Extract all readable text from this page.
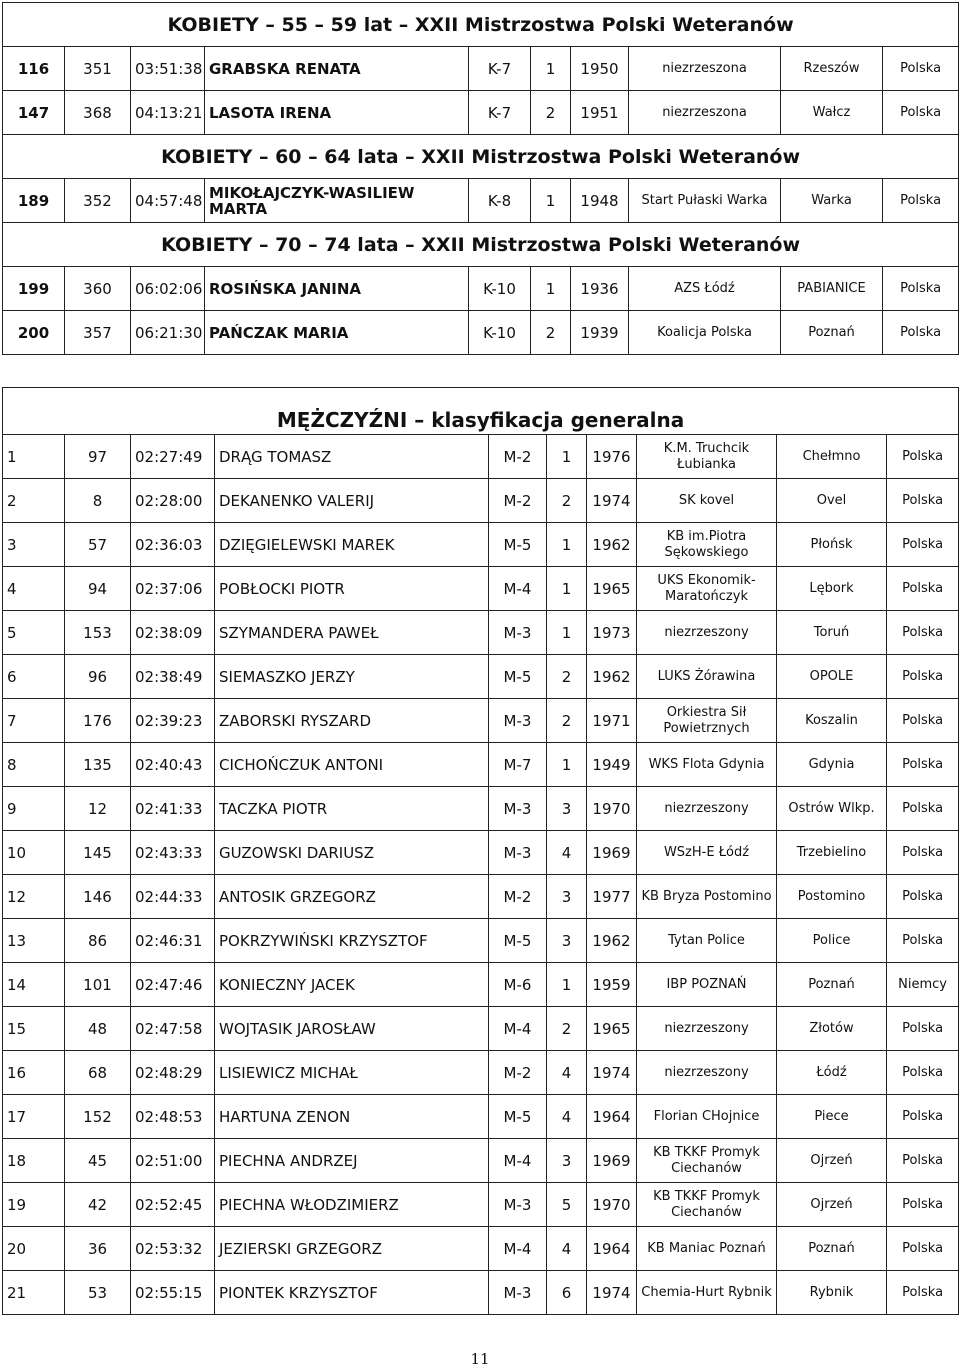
KOBIETY – 55 – 59 lat – XXII Mistrzostwa Polski Weteranów									
116	351	03:51:38	GRABSKA RENATA	K-7	1	1950	niezrzeszona	Rzeszów	Polska
147	368	04:13:21	LASOTA IRENA	K-7	2	1951	niezrzeszona	Wałcz	Polska
KOBIETY – 60 – 64 lata – XXII Mistrzostwa Polski Weteranów									
189	352	04:57:48	MIKOŁAJCZYK-WASILIEW MARTA	K-8	1	1948	Start Pułaski Warka	Warka	Polska
KOBIETY – 70 – 74 lata – XXII Mistrzostwa Polski Weteranów									
199	360	06:02:06	ROSIŃSKA JANINA	K-10	1	1936	AZS Łódź	PABIANICE	Polska
200	357	06:21:30	PAŃCZAK MARIA	K-10	2	1939	Koalicja Polska	Poznań	Polska
MĘŻCZYŹNI – klasyfikacja generalna									
1	97	02:27:49	DRĄG TOMASZ	M-2	1	1976	K.M. Truchcik Łubianka	Chełmno	Polska
2	8	02:28:00	DEKANENKO VALERIJ	M-2	2	1974	SK kovel	Ovel	Polska
3	57	02:36:03	DZIĘGIELEWSKI MAREK	M-5	1	1962	KB im.Piotra Sękowskiego	Płońsk	Polska
4	94	02:37:06	POBŁOCKI PIOTR	M-4	1	1965	UKS Ekonomik-Maratończyk	Lębork	Polska
5	153	02:38:09	SZYMANDERA PAWEŁ	M-3	1	1973	niezrzeszony	Toruń	Polska
6	96	02:38:49	SIEMASZKO JERZY	M-5	2	1962	LUKS Żórawina	OPOLE	Polska
7	176	02:39:23	ZABORSKI RYSZARD	M-3	2	1971	Orkiestra Sił Powietrznych	Koszalin	Polska
8	135	02:40:43	CICHOŃCZUK ANTONI	M-7	1	1949	WKS Flota Gdynia	Gdynia	Polska
9	12	02:41:33	TACZKA PIOTR	M-3	3	1970	niezrzeszony	Ostrów Wlkp.	Polska
10	145	02:43:33	GUZOWSKI DARIUSZ	M-3	4	1969	WSzH-E Łódź	Trzebielino	Polska
12	146	02:44:33	ANTOSIK GRZEGORZ	M-2	3	1977	KB Bryza Postomino	Postomino	Polska
13	86	02:46:31	POKRZYWIŃSKI KRZYSZTOF	M-5	3	1962	Tytan Police	Police	Polska
14	101	02:47:46	KONIECZNY JACEK	M-6	1	1959	IBP POZNAŃ	Poznań	Niemcy
15	48	02:47:58	WOJTASIK JAROSŁAW	M-4	2	1965	niezrzeszony	Złotów	Polska
16	68	02:48:29	LISIEWICZ MICHAŁ	M-2	4	1974	niezrzeszony	Łódź	Polska
17	152	02:48:53	HARTUNA ZENON	M-5	4	1964	Florian CHojnice	Piece	Polska
18	45	02:51:00	PIECHNA ANDRZEJ	M-4	3	1969	KB TKKF Promyk Ciechanów	Ojrzeń	Polska
19	42	02:52:45	PIECHNA WŁODZIMIERZ	M-3	5	1970	KB TKKF Promyk Ciechanów	Ojrzeń	Polska
20	36	02:53:32	JEZIERSKI GRZEGORZ	M-4	4	1964	KB Maniac Poznań	Poznań	Polska
21	53	02:55:15	PIONTEK KRZYSZTOF	M-3	6	1974	Chemia-Hurt Rybnik	Rybnik	Polska
11
